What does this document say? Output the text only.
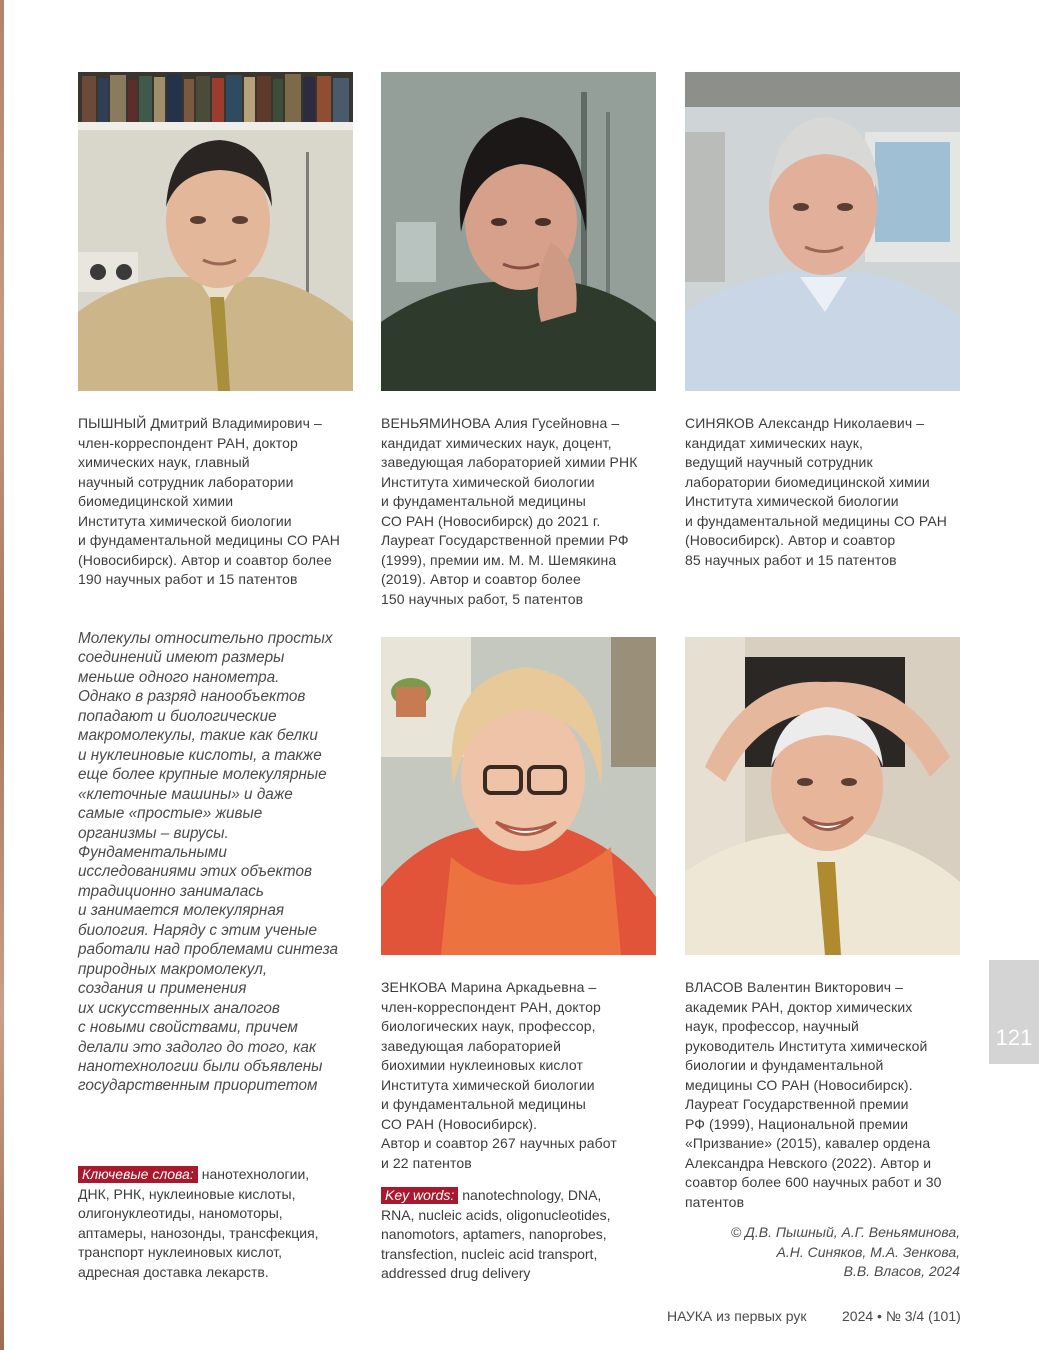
ПЫШНЫЙ Дмитрий Владимирович –
член-корреспондент РАН, доктор
химических наук, главный
научный сотрудник лаборатории
биомедицинской химии
Института химической биологии
и фундаментальной медицины СО РАН
(Новосибирск). Автор и соавтор более
190 научных работ и 15 патентов

ВЕНЬЯМИНОВА Алия Гусейновна –
кандидат химических наук, доцент,
заведующая лабораторией химии РНК
Института химической биологии
и фундаментальной медицины
СО РАН (Новосибирск) до 2021 г.
Лауреат Государственной премии РФ
(1999), премии им. М. М. Шемякина
(2019). Автор и соавтор более
150 научных работ, 5 патентов

СИНЯКОВ Александр Николаевич –
кандидат химических наук,
ведущий научный сотрудник
лаборатории биомедицинской химии
Института химической биологии
и фундаментальной медицины СО РАН
(Новосибирск). Автор и соавтор
85 научных работ и 15 патентов

ЗЕНКОВА Марина Аркадьевна –
член-корреспондент РАН, доктор
биологических наук, профессор,
заведующая лабораторией
биохимии нуклеиновых кислот
Института химической биологии
и фундаментальной медицины
СО РАН (Новосибирск).
Автор и соавтор 267 научных работ
и 22 патентов

ВЛАСОВ Валентин Викторович –
академик РАН, доктор химических
наук, профессор, научный
руководитель Института химической
биологии и фундаментальной
медицины СО РАН (Новосибирск).
Лауреат Государственной премии
РФ (1999), Национальной премии
«Призвание» (2015), кавалер ордена
Александра Невского (2022). Автор и
соавтор более 600 научных работ и 30
патентов

Молекулы относительно простых
соединений имеют размеры
меньше одного нанометра.
Однако в разряд нанообъектов
попадают и биологические
макромолекулы, такие как белки
и нуклеиновые кислоты, а также
еще более крупные молекулярные
«клеточные машины» и даже
самые «простые» живые
организмы – вирусы.
Фундаментальными
исследованиями этих объектов
традиционно занималась
и занимается молекулярная
биология. Наряду с этим ученые
работали над проблемами синтеза
природных макромолекул,
создания и применения
их искусственных аналогов
с новыми свойствами, причем
делали это задолго до того, как
нанотехнологии были объявлены
государственным приоритетом
Ключевые слова: нанотехнологии,
ДНК, РНК, нуклеиновые кислоты,
олигонуклеотиды, наномоторы,
аптамеры, нанозонды, трансфекция,
транспорт нуклеиновых кислот,
адресная доставка лекарств.
Key words: nanotechnology, DNA,
RNA, nucleic acids, oligonucleotides,
nanomotors, aptamers, nanoprobes,
transfection, nucleic acid transport,
addressed drug delivery
© Д.В. Пышный, А.Г. Веньяминова,
А.Н. Синяков, М.А. Зенкова,
В.В. Власов, 2024
121
НАУКА из первых рук	2024 • № 3/4 (101)
